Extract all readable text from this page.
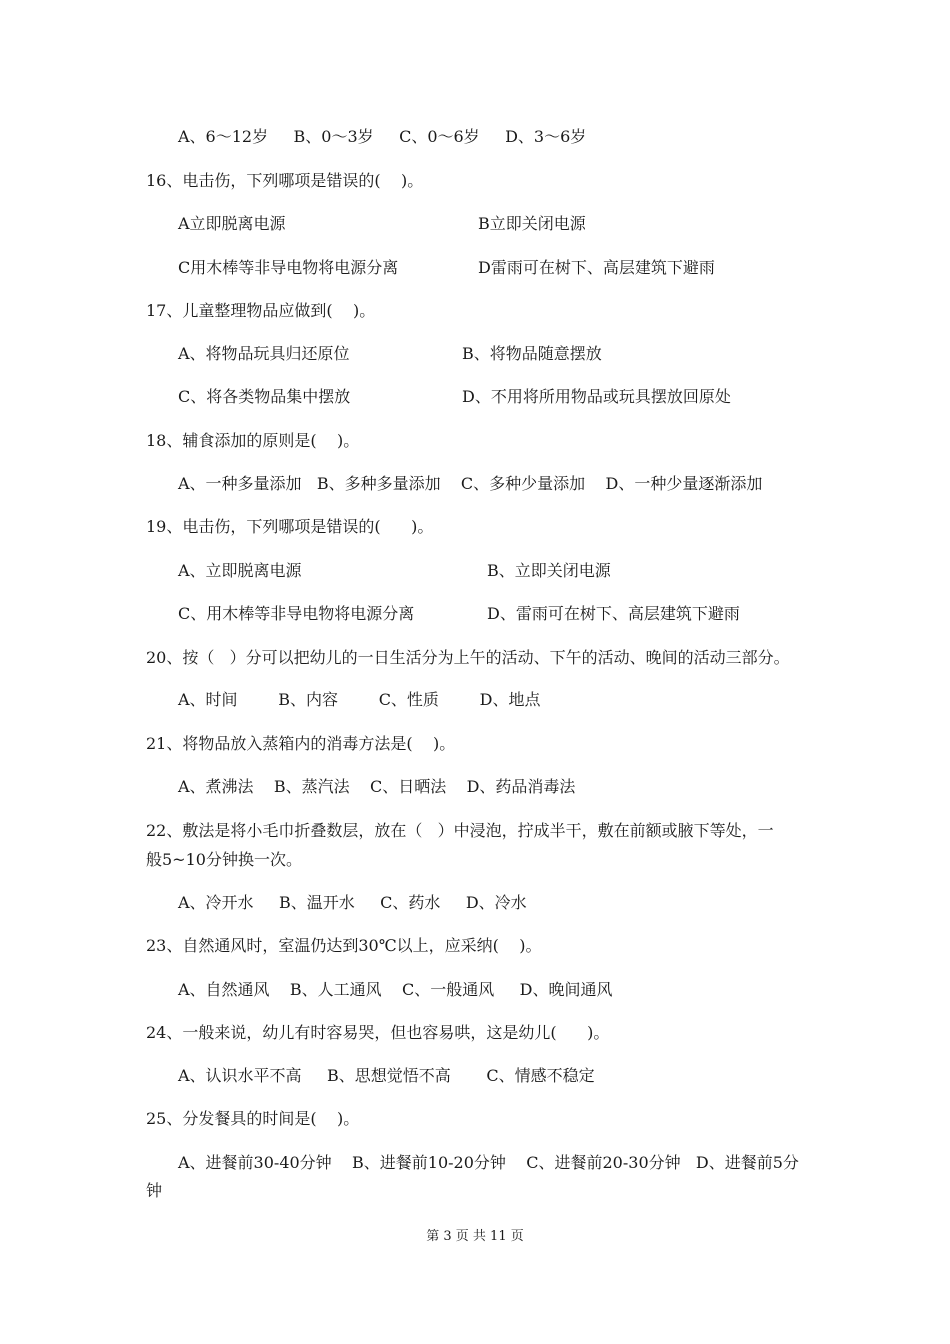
A、6～12岁     B、0～3岁     C、0～6岁     D、3～6岁
16、电击伤，下列哪项是错误的(    )。
A立即脱离电源	B立即关闭电源
C用木棒等非导电物将电源分离	D雷雨可在树下、高层建筑下避雨
17、儿童整理物品应做到(    )。
A、将物品玩具归还原位	B、将物品随意摆放
C、将各类物品集中摆放	D、不用将所用物品或玩具摆放回原处
18、辅食添加的原则是(    )。
A、一种多量添加   B、多种多量添加    C、多种少量添加    D、一种少量逐渐添加
19、电击伤，下列哪项是错误的(      )。
A、立即脱离电源	B、立即关闭电源
C、用木棒等非导电物将电源分离	D、雷雨可在树下、高层建筑下避雨
20、按（   ）分可以把幼儿的一日生活分为上午的活动、下午的活动、晚间的活动三部分。
A、时间        B、内容        C、性质        D、地点
21、将物品放入蒸箱内的消毒方法是(    )。
A、煮沸法    B、蒸汽法    C、日晒法    D、药品消毒法
22、敷法是将小毛巾折叠数层，放在（   ）中浸泡，拧成半干，敷在前额或腋下等处，一
般5~10分钟换一次。
A、冷开水     B、温开水     C、药水     D、冷水
23、自然通风时，室温仍达到30℃以上，应采纳(    )。
A、自然通风    B、人工通风    C、一般通风     D、晚间通风
24、一般来说，幼儿有时容易哭，但也容易哄，这是幼儿(      )。
A、认识水平不高     B、思想觉悟不高       C、情感不稳定
25、分发餐具的时间是(    )。
A、进餐前30-40分钟    B、进餐前10-20分钟    C、进餐前20-30分钟   D、进餐前5分
钟
第 3 页 共 11 页
